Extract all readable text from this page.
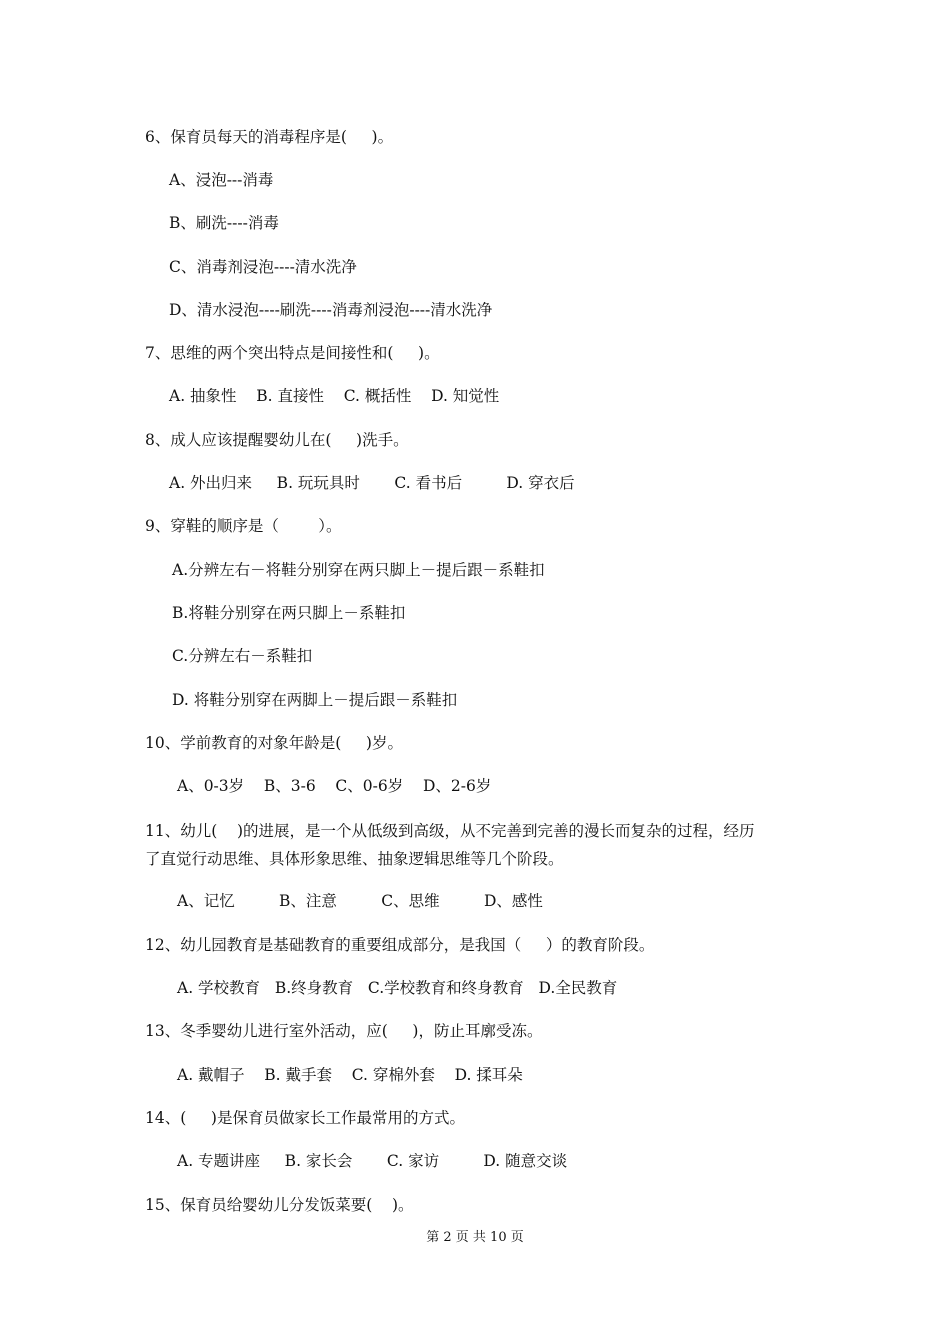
6、保育员每天的消毒程序是(     )。
A、浸泡---消毒
B、刷洗----消毒
C、消毒剂浸泡----清水洗净
D、清水浸泡----刷洗----消毒剂浸泡----清水洗净
7、思维的两个突出特点是间接性和(     )。
A. 抽象性    B. 直接性    C. 概括性    D. 知觉性
8、成人应该提醒婴幼儿在(     )洗手。
A. 外出归来     B. 玩玩具时       C. 看书后         D. 穿衣后
9、穿鞋的顺序是（        ）。
A.分辨左右－将鞋分别穿在两只脚上－提后跟－系鞋扣
B.将鞋分别穿在两只脚上－系鞋扣
C.分辨左右－系鞋扣
D. 将鞋分别穿在两脚上－提后跟－系鞋扣
10、学前教育的对象年龄是(     )岁。
A、0-3岁    B、3-6    C、0-6岁    D、2-6岁
11、幼儿(    )的进展，是一个从低级到高级，从不完善到完善的漫长而复杂的过程，经历
了直觉行动思维、具体形象思维、抽象逻辑思维等几个阶段。
A、记忆         B、注意         C、思维         D、感性
12、幼儿园教育是基础教育的重要组成部分，是我国（     ）的教育阶段。
A. 学校教育   B.终身教育   C.学校教育和终身教育   D.全民教育
13、冬季婴幼儿进行室外活动，应(     )，防止耳廓受冻。
A. 戴帽子    B. 戴手套    C. 穿棉外套    D. 揉耳朵
14、(     )是保育员做家长工作最常用的方式。
A. 专题讲座     B. 家长会       C. 家访         D. 随意交谈
15、保育员给婴幼儿分发饭菜要(    )。
第 2 页 共 10 页
